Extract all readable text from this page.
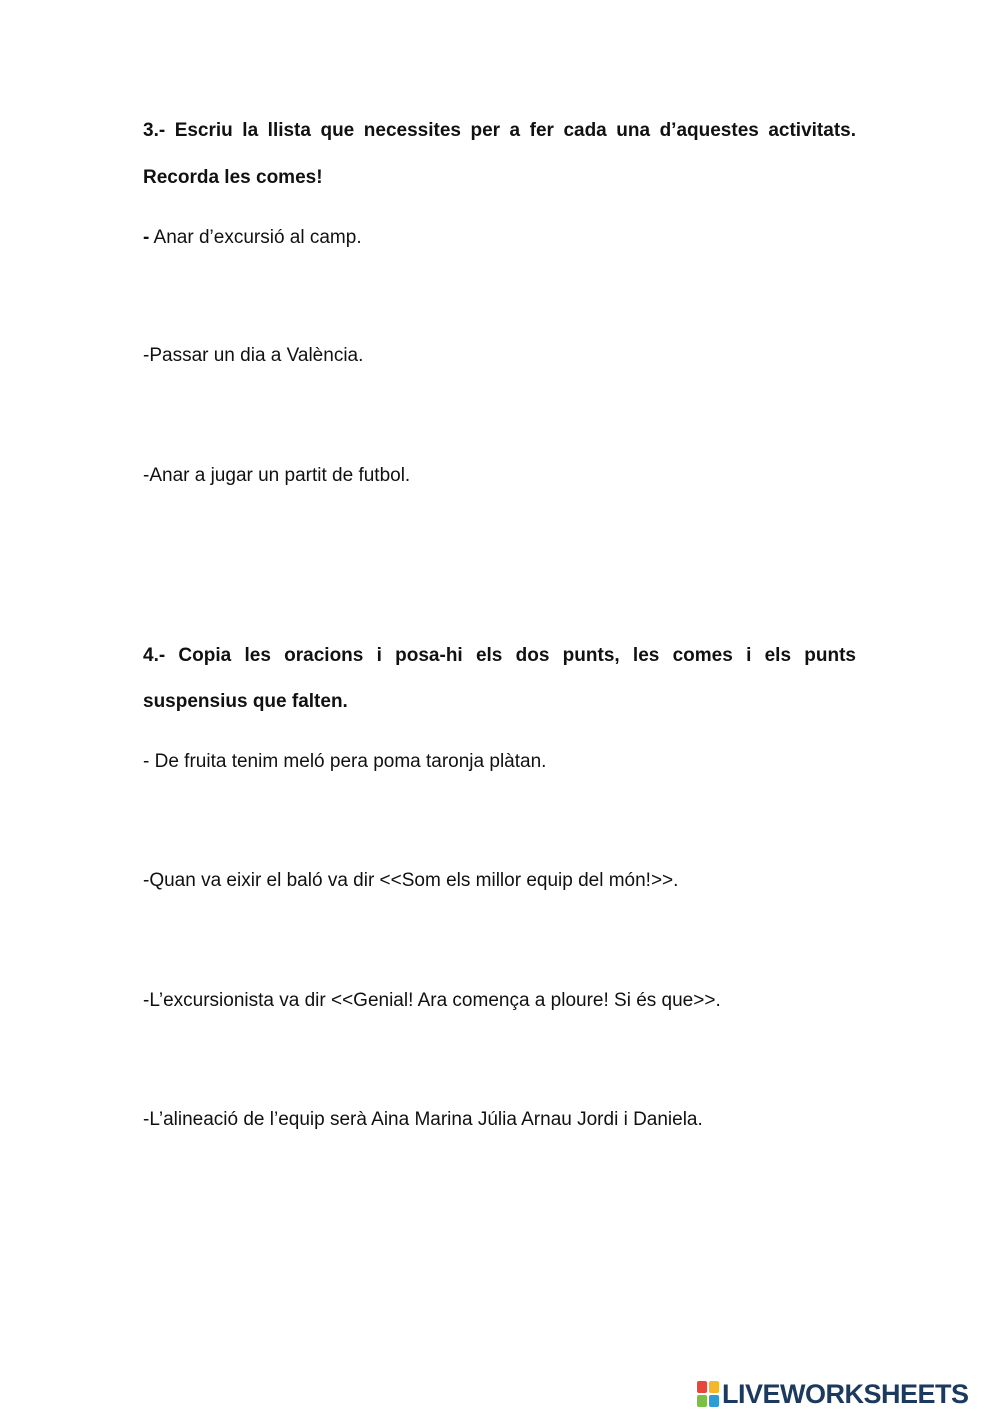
3.- Escriu la llista que necessites per a fer cada una d’aquestes activitats.
Recorda les comes!
- Anar d’excursió al camp.
-Passar un dia a València.
-Anar a jugar un partit de futbol.
4.- Copia les oracions i posa-hi els dos punts, les comes i els punts
suspensius que falten.
- De fruita tenim meló pera poma taronja plàtan.
-Quan va eixir el baló va dir <<Som els millor equip del món!>>.
-L’excursionista va dir <<Genial! Ara comença a ploure! Si és que>>.
-L’alineació de l’equip serà Aina Marina Júlia Arnau Jordi i Daniela.
LIVEWORKSHEETS
